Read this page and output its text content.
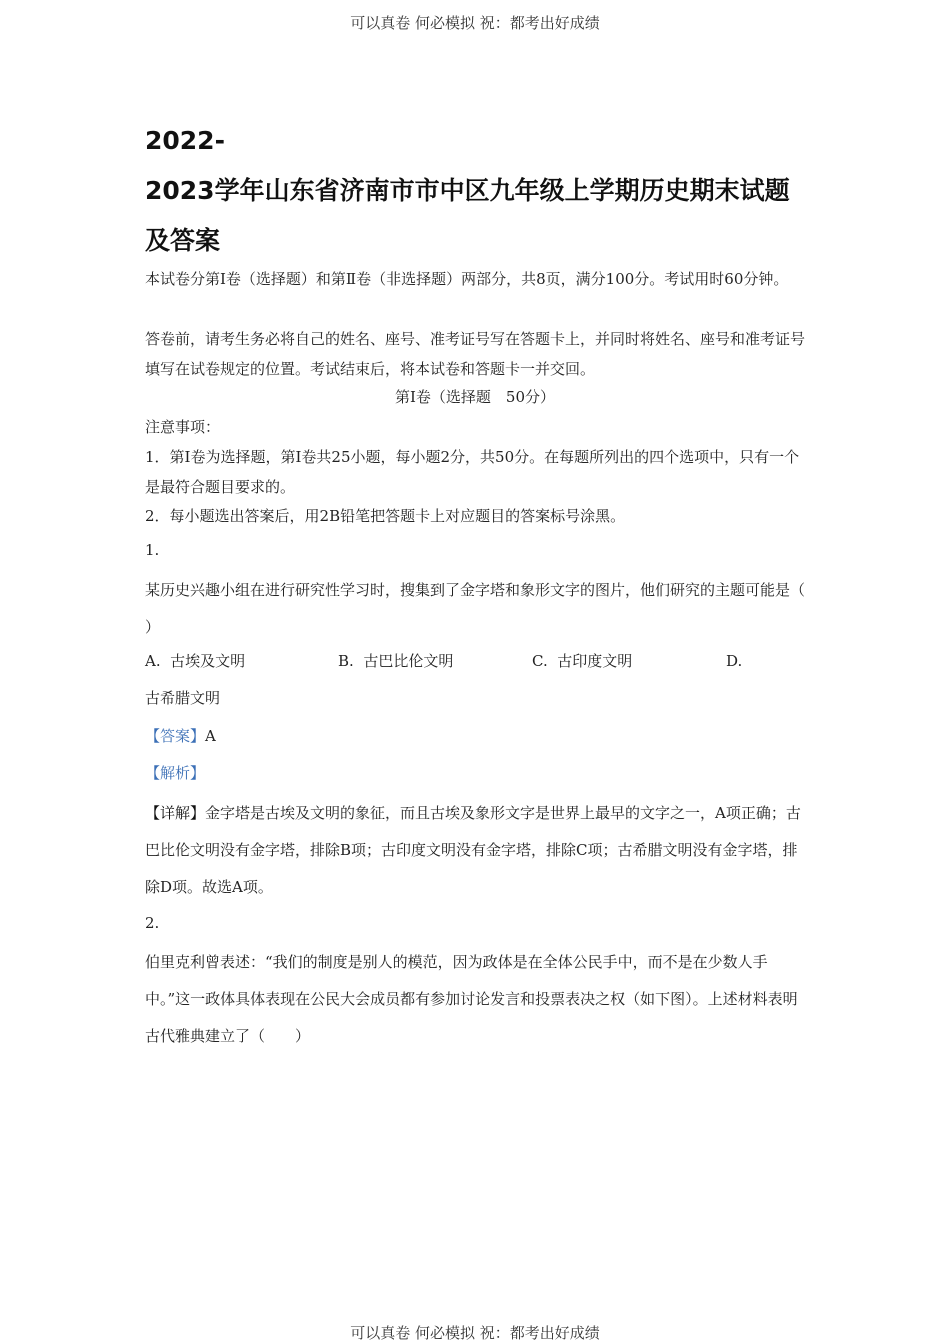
可以真卷 何必模拟 祝：都考出好成绩
2022-
2023学年山东省济南市市中区九年级上学期历史期末试题
及答案

本试卷分第Ⅰ卷（选择题）和第Ⅱ卷（非选择题）两部分，共8页，满分100分。考试用时60分钟。

答卷前，请考生务必将自己的姓名、座号、准考证号写在答题卡上，并同时将姓名、座号和准考证号填写在试卷规定的位置。考试结束后，将本试卷和答题卡一并交回。

第Ⅰ卷（选择题　50分）
注意事项：

1．第Ⅰ卷为选择题，第Ⅰ卷共25小题，每小题2分，共50分。在每题所列出的四个选项中，只有一个是最符合题目要求的。

2．每小题选出答案后，用2B铅笔把答题卡上对应题目的答案标号涂黑。
1.

某历史兴趣小组在进行研究性学习时，搜集到了金字塔和象形文字的图片，他们研究的主题可能是（　　）

A. 古埃及文明	B. 古巴比伦文明	C. 古印度文明	D.
古希腊文明
【答案】A
【解析】

【详解】金字塔是古埃及文明的象征，而且古埃及象形文字是世界上最早的文字之一，A项正确；古巴比伦文明没有金字塔，排除B项；古印度文明没有金字塔，排除C项；古希腊文明没有金字塔，排除D项。故选A项。

2.

伯里克利曾表述：“我们的制度是别人的模范，因为政体是在全体公民手中，而不是在少数人手中。”这一政体具体表现在公民大会成员都有参加讨论发言和投票表决之权（如下图）。上述材料表明古代雅典建立了（　　）

可以真卷 何必模拟 祝：都考出好成绩
